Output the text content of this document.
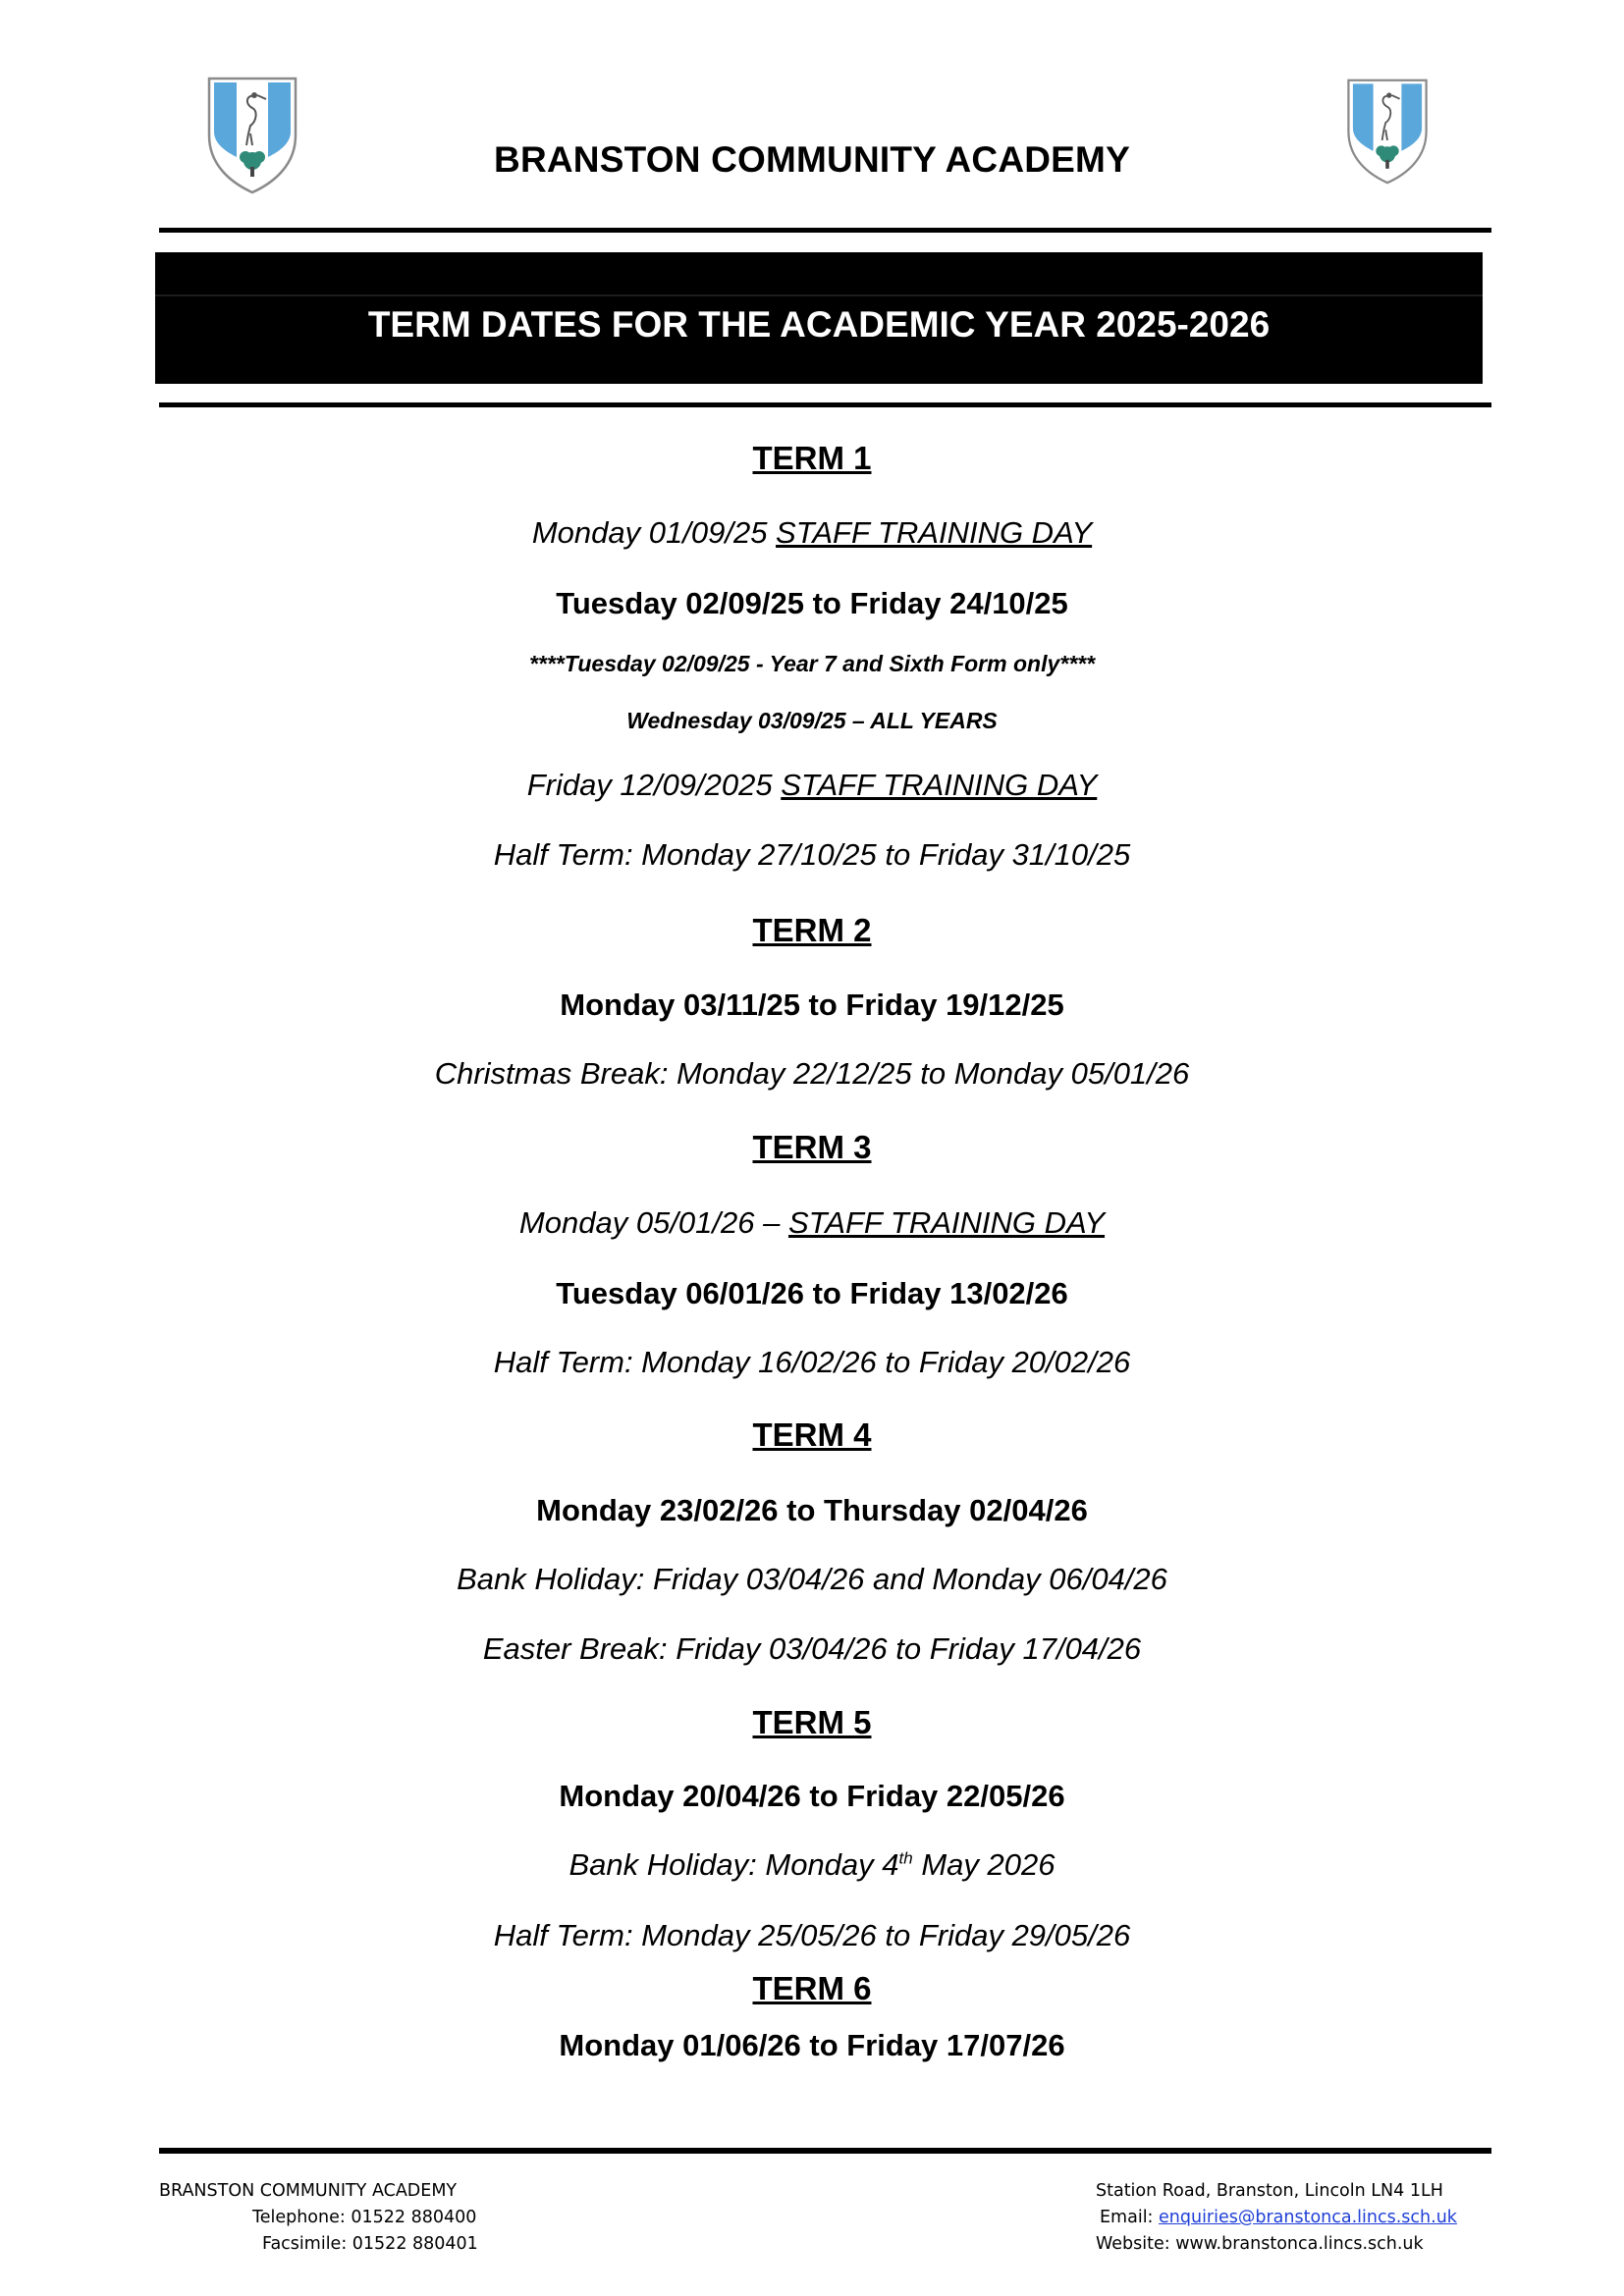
BRANSTON COMMUNITY ACADEMY
TERM DATES FOR THE ACADEMIC YEAR 2025-2026
TERM 1
Monday 01/09/25 STAFF TRAINING DAY
Tuesday 02/09/25 to Friday 24/10/25
****Tuesday 02/09/25 - Year 7 and Sixth Form only****
Wednesday 03/09/25 – ALL YEARS
Friday 12/09/2025 STAFF TRAINING DAY
Half Term: Monday 27/10/25 to Friday 31/10/25
TERM 2
Monday 03/11/25 to Friday 19/12/25
Christmas Break: Monday 22/12/25 to Monday 05/01/26
TERM 3
Monday 05/01/26 – STAFF TRAINING DAY
Tuesday 06/01/26 to Friday 13/02/26
Half Term: Monday 16/02/26 to Friday 20/02/26
TERM 4
Monday 23/02/26 to Thursday 02/04/26
Bank Holiday: Friday 03/04/26 and Monday 06/04/26
Easter Break: Friday 03/04/26 to Friday 17/04/26
TERM 5
Monday 20/04/26 to Friday 22/05/26
Bank Holiday: Monday 4th May 2026
Half Term: Monday 25/05/26 to Friday 29/05/26
TERM 6
Monday 01/06/26 to Friday 17/07/26
BRANSTON COMMUNITY ACADEMY
Telephone: 01522 880400
Facsimile: 01522 880401
Station Road, Branston, Lincoln LN4 1LH
Email: enquiries@branstonca.lincs.sch.uk
Website: www.branstonca.lincs.sch.uk
